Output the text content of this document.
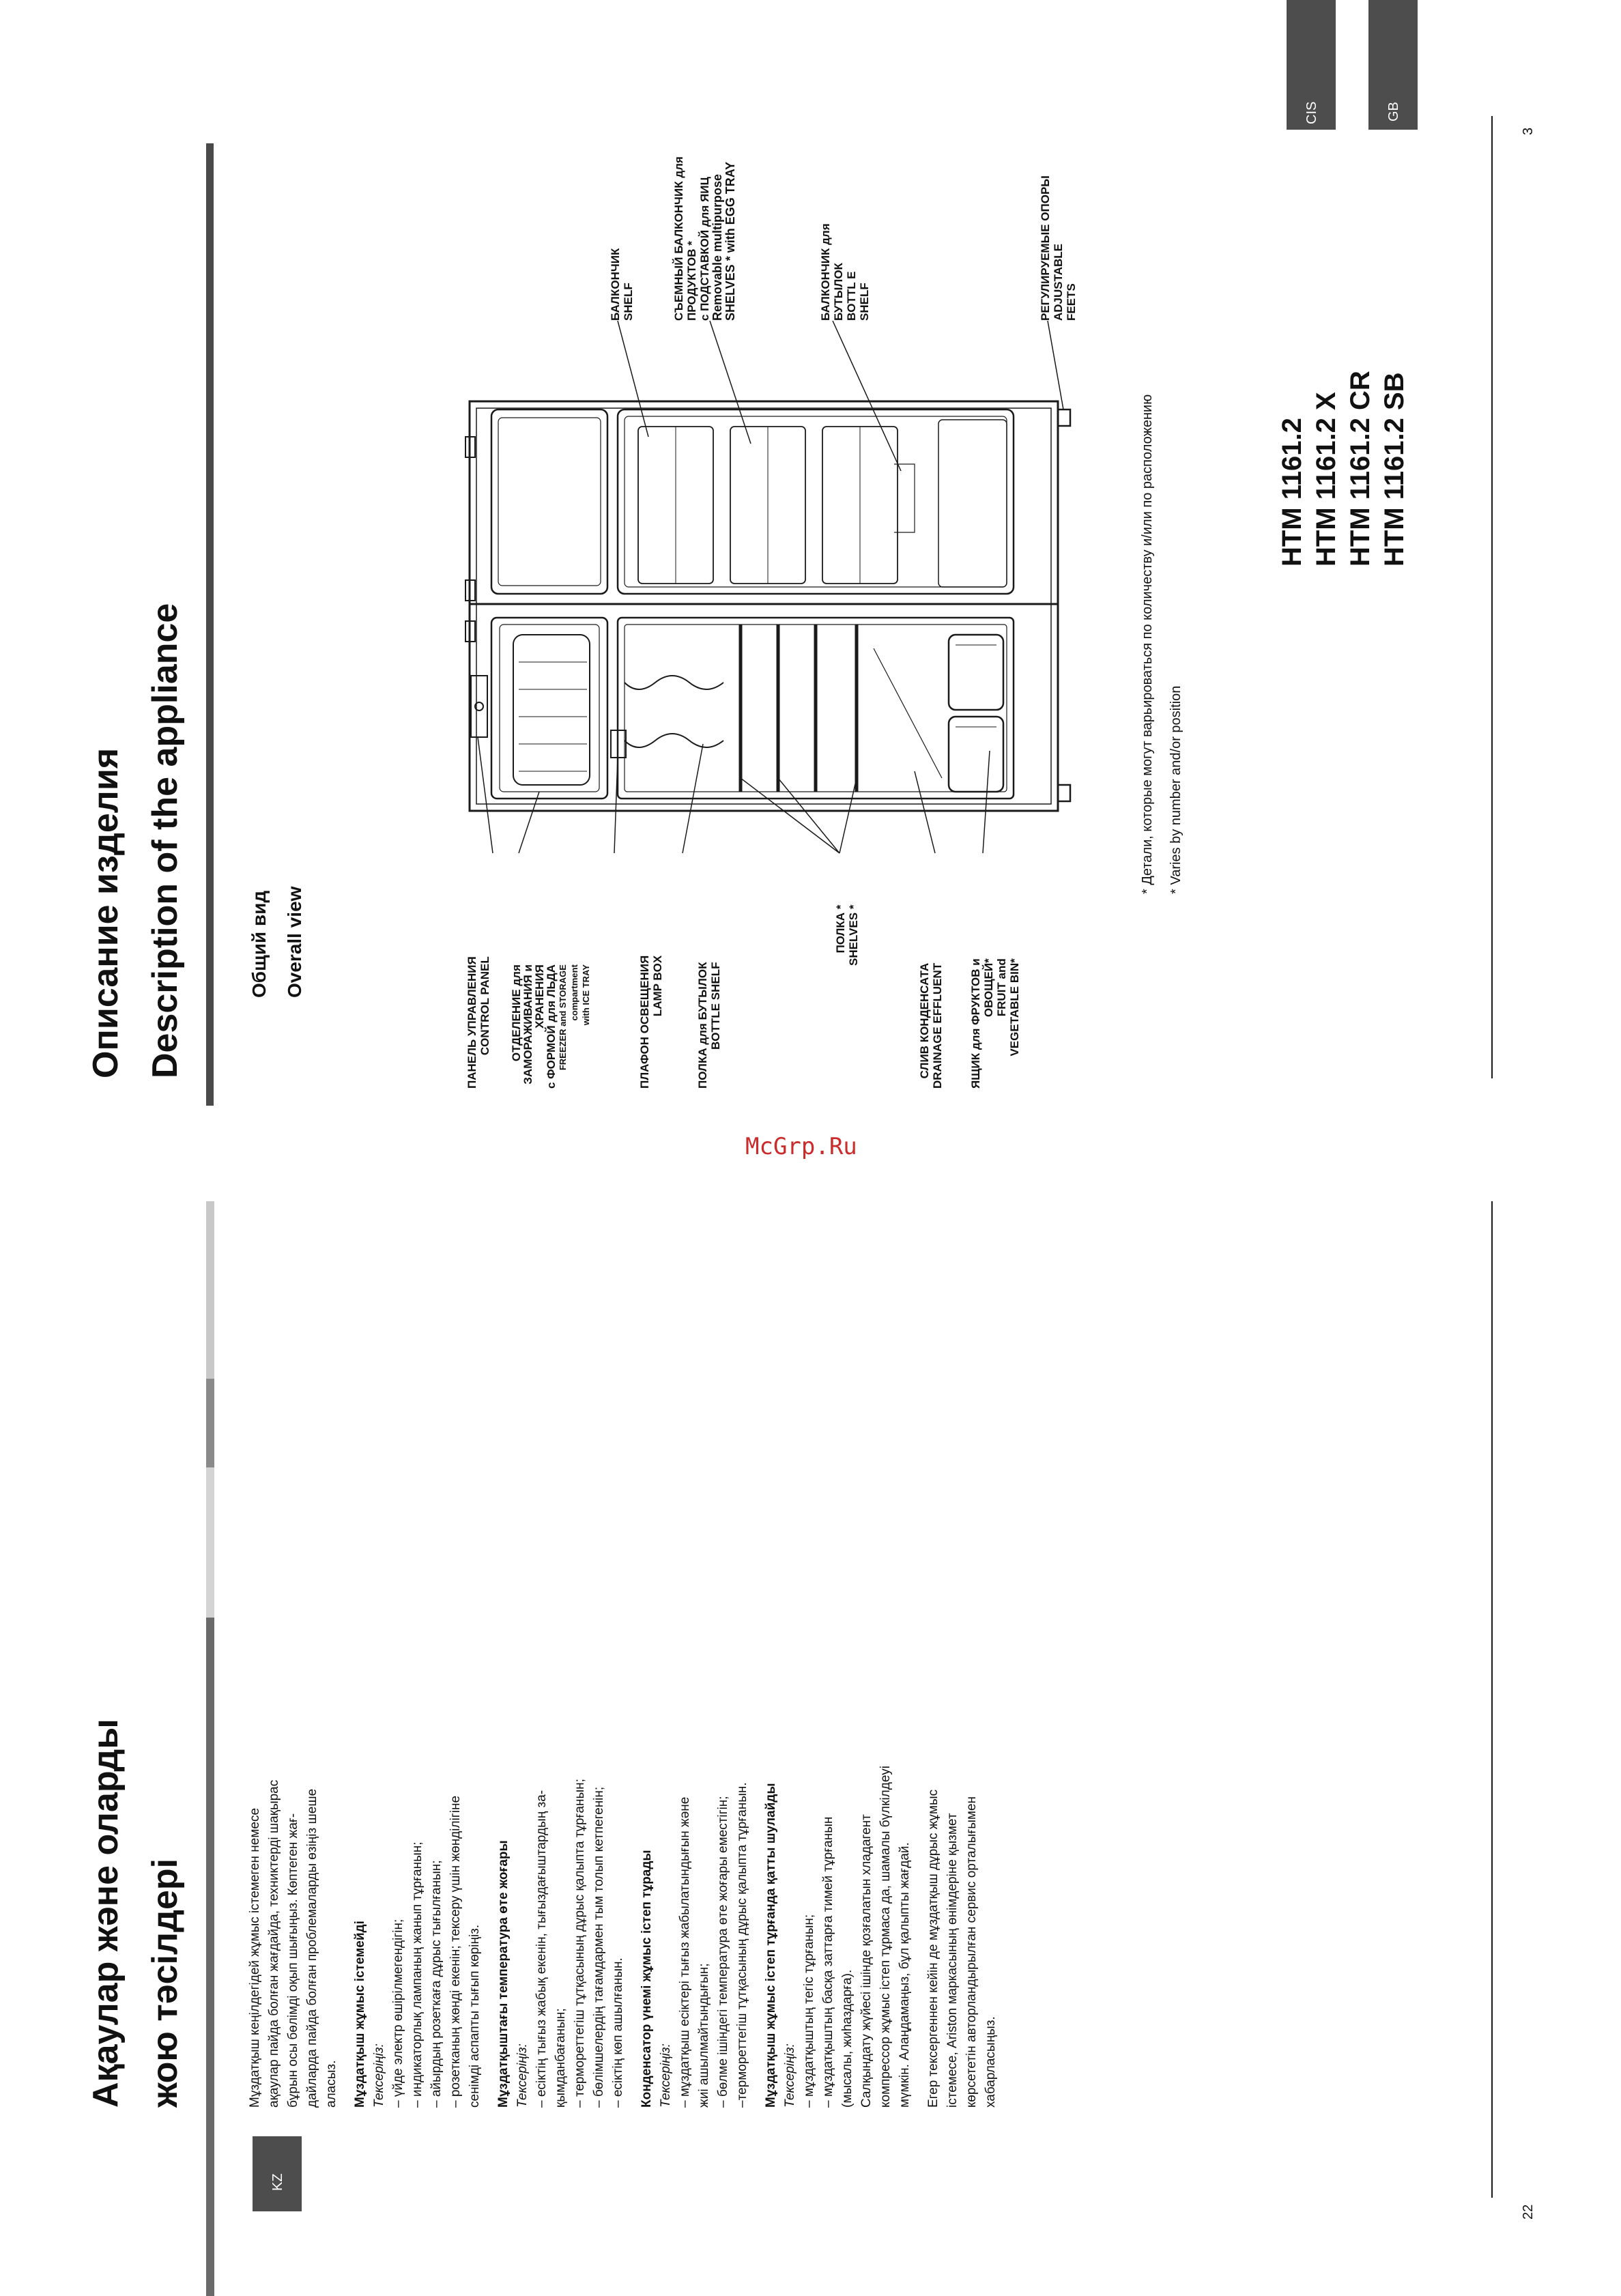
CIS	GB
KZ
3
22
Описание изделия Description of the appliance	Общий вид Overall view
HTM 1161.2 HTM 1161.2 X HTM 1161.2 CR HTM 1161.2 SB
ПАНЕЛЬ УПРАВЛЕНИЯ CONTROL PANEL ОТДЕЛЕНИЕ для
ЗАМОРАЖИВАНИЯ и
ХРАНЕНИЯ
с ФОРМОЙ для ЛЬДА FREEZER and STORAGE compartment with ICE TRAY	ПЛАФОН ОСВЕЩЕНИЯ LAMP BOX	ПОЛКА для БУТЫЛОК BOTTLE SHELF
ПОЛКА * SHELVES *
СЛИВ КОНДЕНСАТА DRAINAGE EFFLUENT ЯЩИК для ФРУКТОВ и ОВОЩЕЙ* FRUIT and VEGETABLE BIN*
БАЛКОНЧИК SHELF	СЪЕМНЫЙ БАЛКОНЧИК для ПРОДУКТОВ * с ПОДСТАВКОЙ для ЯИЦ Removable multipurpose SHELVES * with EGG TRAY	БАЛКОНЧИК для БУТЫЛОК BOTTL E SHELF	РЕГУЛИРУЕМЫЕ ОПОРЫ ADJUSTABLE FEETS
* Детали, которые могут варьироваться по количеству и/или по расположению * Varies by number and/or position
McGrp.Ru
Ақаулар және оларды жою тәсілдері	Мұздатқыш кеңілдегідей жұмыс істемеген немесе ақаулар пайда болған жағдайда, техниктерді шақырас бұрын осы бөлімді оқып шығыңыз. Көптеген жағ- дайларда пайда болған проблемаларды өзіңіз шеше аласыз. Мұздатқыш жұмыс істемейді Тексеріңіз: – үйде электр өшірілмегендігін; – индикаторлық лампаның жанып тұрғанын; – айырдың розеткаға дұрыс тығылғанын; – розетканың жөнді екенін; тексеру үшін жөнділігіне сенімді аспапты тығып көріңіз. Мұздатқыштағы температура өте жоғары Тексеріңіз: – есіктің тығыз жабық екенін, тығыздағыштардың за- қымданбағанын; – термореттегіш тұтқасының дұрыс қалыпта тұрғанын; – бөлімшелердің тағамдармен тым толып кетпегенін; – есіктің көп ашылғанын. Конденсатор үнемі жұмыс істеп тұрады Тексеріңіз: – мұздатқыш есіктері тығыз жабылатындығын және жиі ашылмайтындығын; – бөлме ішіндегі температура өте жоғары еместігін; –термореттегіш тұтқасының дұрыс қалыпта тұрғанын. Мұздатқыш жұмыс істеп тұрғанда қатты шулайды Тексеріңіз: – мұздатқыштың тегіс тұрғанын; – мұздатқыштың басқа заттарға тимей тұрғанын (мысалы, жиһаздарға). Салқындату жүйесі ішінде қозғалатын хладагент компрессор жұмыс істеп тұрмаса да, шамалы бүлкілдеуі мүмкін. Алаңдамаңыз, бұл қалыпты жағдай. Егер тексергеннен кейін де мұздатқыш дұрыс жұмыс істемесе, Ariston маркасының өнімдеріне қызмет көрсететін авторландырылған сервис орталығымен хабарласыңыз.
